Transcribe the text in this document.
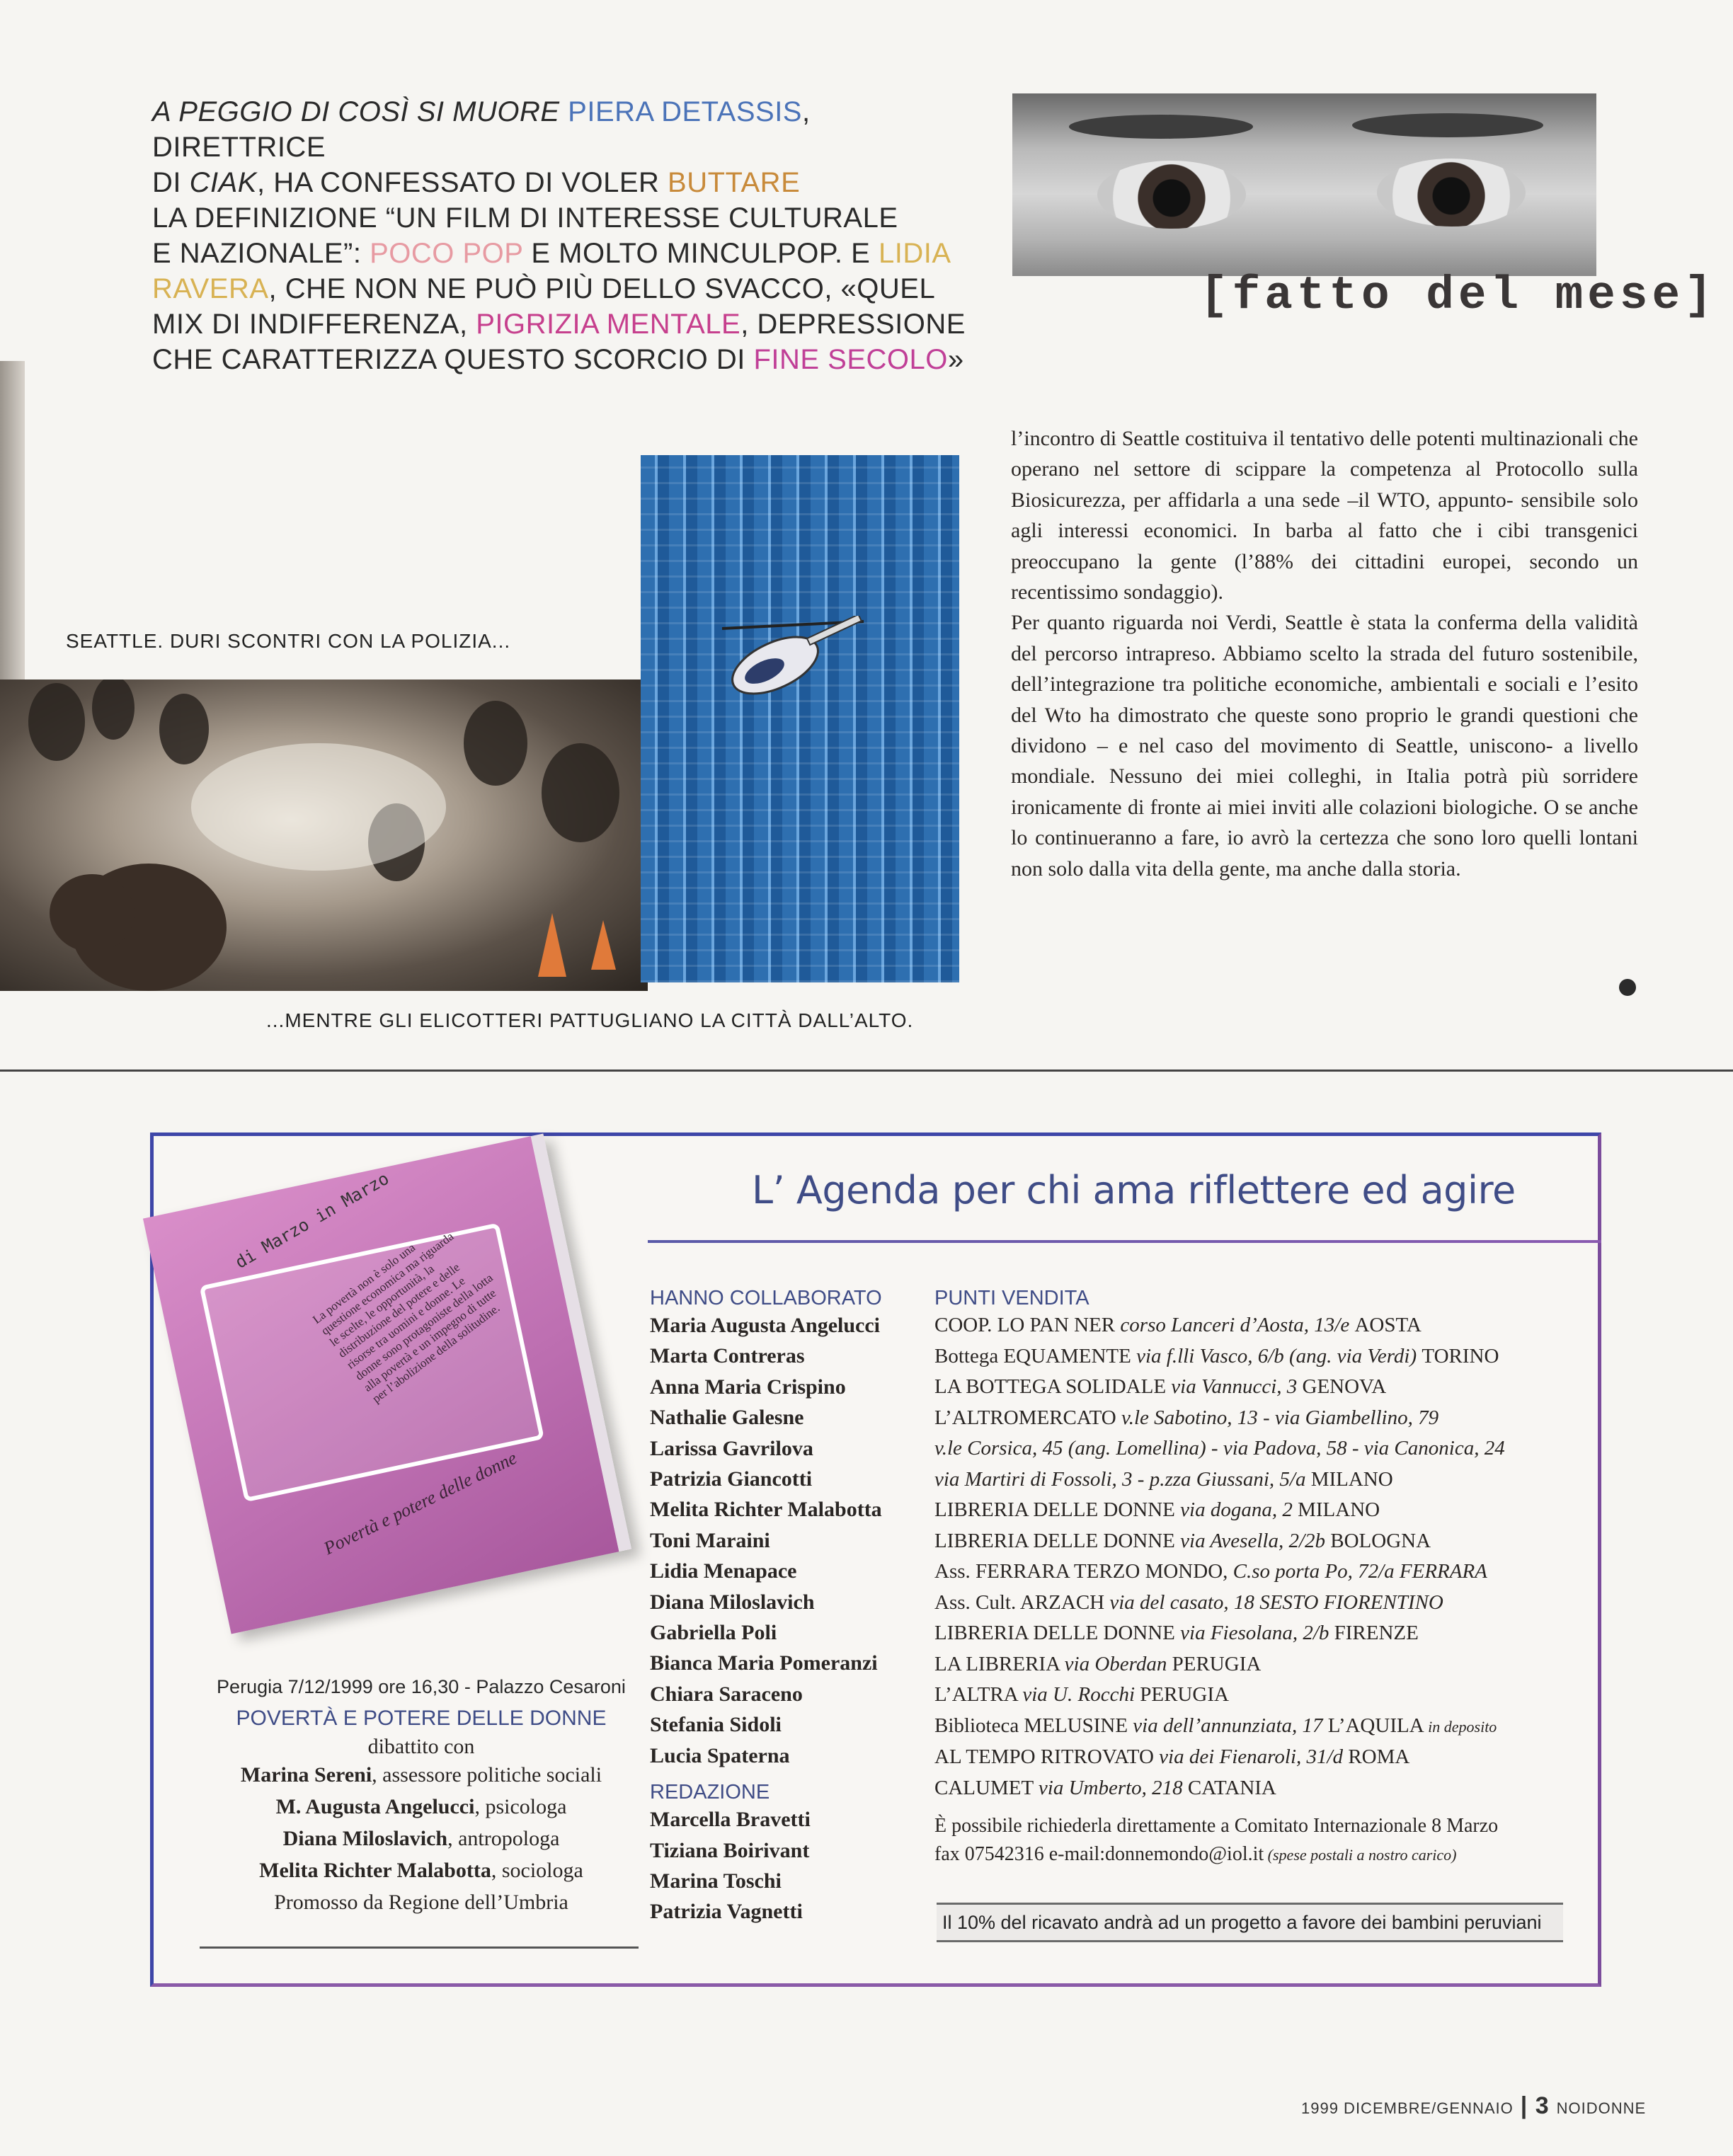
A PEGGIO DI COSÌ SI MUORE PIERA DETASSIS, DIRETTRICE
DI CIAK, HA CONFESSATO DI VOLER BUTTARE
LA DEFINIZIONE “UN FILM DI INTERESSE CULTURALE
E NAZIONALE”: POCO POP E MOLTO MINCULPOP. E LIDIA
RAVERA, CHE NON NE PUÒ PIÙ DELLO SVACCO, «QUEL
MIX DI INDIFFERENZA, PIGRIZIA MENTALE, DEPRESSIONE
CHE CARATTERIZZA QUESTO SCORCIO DI FINE SECOLO»
[fatto del mese]
SEATTLE. DURI SCONTRI CON LA POLIZIA...
...MENTRE GLI ELICOTTERI PATTUGLIANO LA CITTÀ DALL’ALTO.

l’incontro di Seattle costituiva il tentativo delle potenti multinazionali che operano nel settore di scippare la competenza al Protocollo sulla Biosicurezza, per affidarla a una sede –il WTO, appunto- sensibile solo agli interessi economici. In barba al fatto che i cibi transgenici preoccupano la gente (l’88% dei cittadini europei, secondo un recentissimo sondaggio).

Per quanto riguarda noi Verdi, Seattle è stata la conferma della validità del percorso intrapreso. Abbiamo scelto la strada del futuro sostenibile, dell’integrazione tra politiche economiche, ambientali e sociali e l’esito del Wto ha dimostrato che queste sono proprio le grandi questioni che dividono – e nel caso del movimento di Seattle, uniscono- a livello mondiale. Nessuno dei miei colleghi, in Italia potrà più sorridere ironicamente di fronte ai miei inviti alle colazioni biologiche. O se anche lo continueranno a fare, io avrò la certezza che sono loro quelli lontani non solo dalla vita della gente, ma anche dalla storia.

L’ Agenda per chi ama riflettere ed agire
di Marzo in Marzo
La povertà non è solo una questione economica ma riguarda le scelte, le opportunità, la distribuzione del potere e delle risorse tra uomini e donne. Le donne sono protagoniste della lotta alla povertà e un impegno di tutte per l’abolizione della solitudine.
Povertà e potere delle donne
Perugia 7/12/1999 ore 16,30 - Palazzo Cesaroni
POVERTÀ E POTERE DELLE DONNE
dibattito con
Marina Sereni, assessore politiche sociali
M. Augusta Angelucci, psicologa
Diana Miloslavich, antropologa
Melita Richter Malabotta, sociologa
Promosso da Regione dell’Umbria
HANNO COLLABORATO
Maria Augusta Angelucci
Marta Contreras
Anna Maria Crispino
Nathalie Galesne
Larissa Gavrilova
Patrizia Giancotti
Melita Richter Malabotta
Toni Maraini
Lidia Menapace
Diana Miloslavich
Gabriella Poli
Bianca Maria Pomeranzi
Chiara Saraceno
Stefania Sidoli
Lucia Spaterna
REDAZIONE
Marcella Bravetti
Tiziana Boirivant
Marina Toschi
Patrizia Vagnetti
PUNTI VENDITA
COOP. LO PAN NER corso Lanceri d’Aosta, 13/e AOSTA
Bottega EQUAMENTE via f.lli Vasco, 6/b (ang. via Verdi) TORINO
LA BOTTEGA SOLIDALE via Vannucci, 3 GENOVA
L’ALTROMERCATO v.le Sabotino, 13 - via Giambellino, 79
v.le Corsica, 45 (ang. Lomellina) - via Padova, 58 - via Canonica, 24
via Martiri di Fossoli, 3 - p.zza Giussani, 5/a MILANO
LIBRERIA DELLE DONNE via dogana, 2 MILANO
LIBRERIA DELLE DONNE via Avesella, 2/2b BOLOGNA
Ass. FERRARA TERZO MONDO, C.so porta Po, 72/a FERRARA
Ass. Cult. ARZACH via del casato, 18 SESTO FIORENTINO
LIBRERIA DELLE DONNE via Fiesolana, 2/b FIRENZE
LA LIBRERIA via Oberdan PERUGIA
L’ALTRA via U. Rocchi PERUGIA
Biblioteca MELUSINE via dell’annunziata, 17 L’AQUILA in deposito
AL TEMPO RITROVATO via dei Fienaroli, 31/d ROMA
CALUMET via Umberto, 218 CATANIA
È possibile richiederla direttamente a Comitato Internazionale 8 Marzo
fax 07542316 e-mail:donnemondo@iol.it (spese postali a nostro carico)
Il 10% del ricavato andrà ad un progetto a favore dei bambini peruviani
1999 DICEMBRE/GENNAIO | 3 NOIDONNE
